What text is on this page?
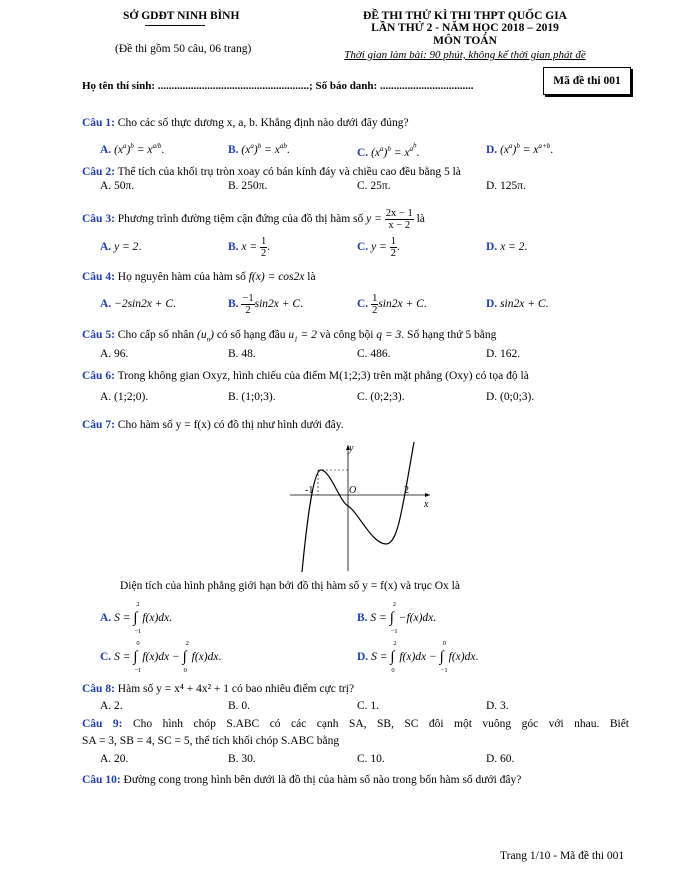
SỞ GDĐT NINH BÌNH
(Đề thi gồm 50 câu, 06 trang)
ĐỀ THI THỬ KÌ THI THPT QUỐC GIA
LẦN THỨ 2 - NĂM HỌC 2018 – 2019
MÔN TOÁN
Thời gian làm bài: 90 phút, không kể thời gian phát đề
Họ tên thí sinh: .......................................................; Số báo danh: ..................................	Mã đề thi 001
Câu 1: Cho các số thực dương x, a, b. Khẳng định nào dưới đây đúng?
A. $(x^a)^b = x^{a/b}$.	B. $(x^a)^b = x^{ab}$.	C. $(x^a)^b = x^{a^b}$.	D. $(x^a)^b = x^{a+b}$.
Câu 2: Thể tích của khối trụ tròn xoay có bán kính đáy và chiều cao đều bằng 5 là
A. 50π.	B. 250π.	C. 25π.	D. 125π.
Câu 3: Phương trình đường tiệm cận đứng của đồ thị hàm số $y = \frac{2x - 1}{x - 2}$ là
A. y = 2.	B. $x = \frac{1}{2}$ .	C. $y = \frac{1}{2}$ .	D. x = 2.
Câu 4: Họ nguyên hàm của hàm số f(x) = cos2x là
A. −2sin2x + C.	B. $\frac{-1}{2} \sin 2x + C$.	C. $\frac{1}{2} \sin 2x + C$.	D. sin2x + C.
Câu 5: Cho cấp số nhân $(u_n)$ có số hạng đầu $u_1 = 2$ và công bội q = 3. Số hạng thứ 5 bằng
A. 96.	B. 48.	C. 486.	D. 162.
Câu 6: Trong không gian Oxyz, hình chiếu của điểm M(1;2;3) trên mặt phẳng (Oxy) có tọa độ là
A. (1;2;0).	B. (1;0;3).	C. (0;2;3).	D. (0;0;3).
Câu 7: Cho hàm số y = f(x) có đồ thị như hình dưới đây.
y
x
O
-1	2
Diện tích của hình phẳng giới hạn bởi đồ thị hàm số y = f(x) và trục Ox là
A. S = ∫
2
−1
f(x)dx.	B. S = ∫
2
−1
−f(x)dx.
C. S = ∫
0
−1
f(x)dx − ∫
2
0
f(x)dx.	D. S = ∫
2
0
f(x)dx − ∫
0
−1
f(x)dx.
Câu 8: Hàm số y = x⁴ + 4x² + 1 có bao nhiêu điểm cực trị?
A. 2.	B. 0.	C. 1.	D. 3.
Câu 9: Cho hình chóp S.ABC có các cạnh SA, SB, SC đôi một vuông góc với nhau. Biết
SA = 3, SB = 4, SC = 5, thể tích khối chóp S.ABC bằng
A. 20.	B. 30.	C. 10.	D. 60.
Câu 10: Đường cong trong hình bên dưới là đồ thị của hàm số nào trong bốn hàm số dưới đây?
Trang 1/10 - Mã đề thi 001
